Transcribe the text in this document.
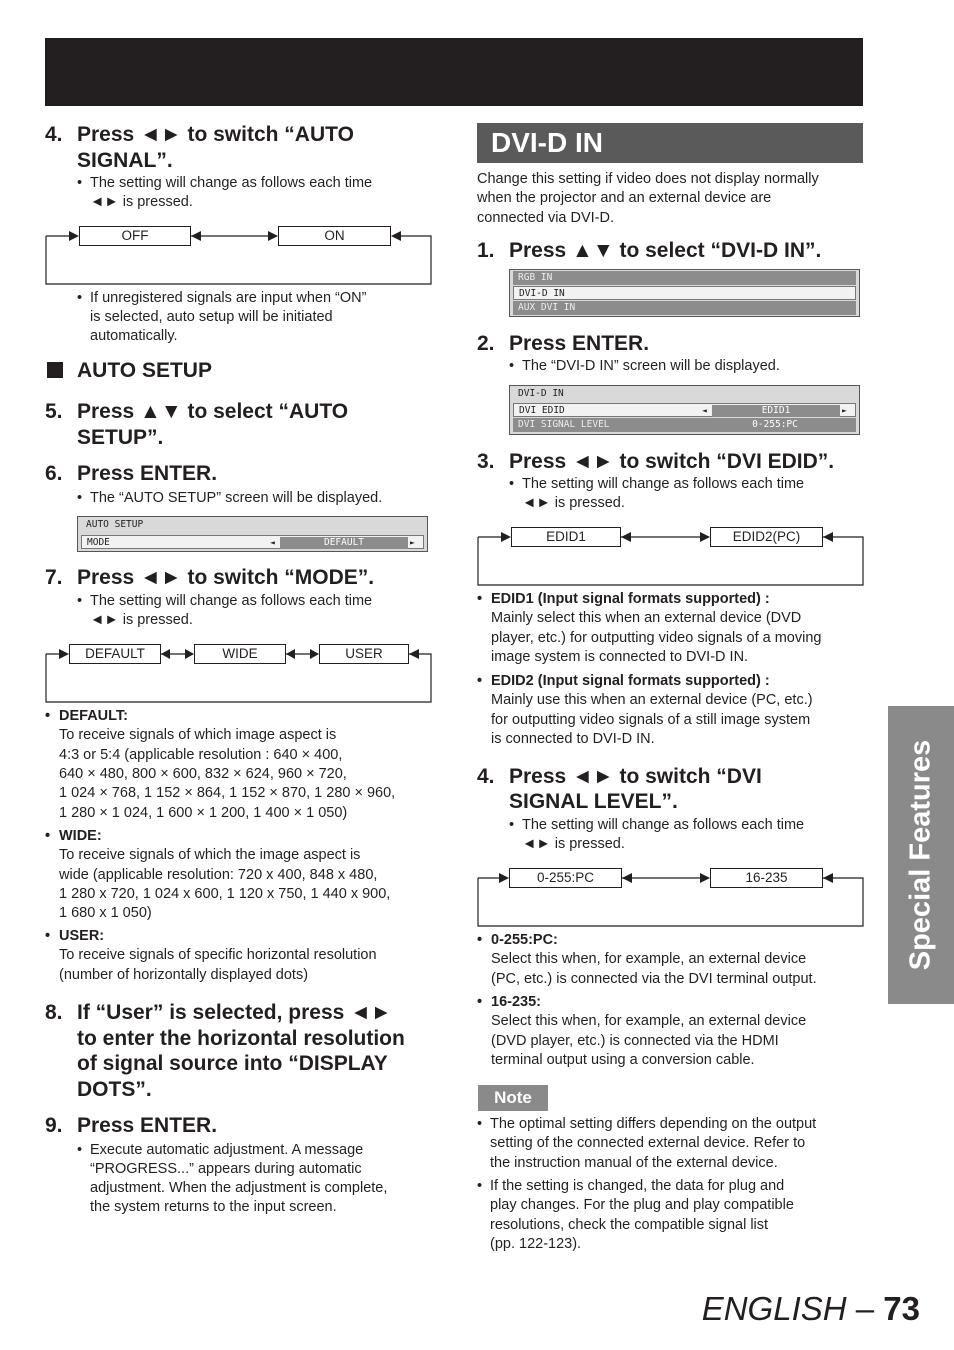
4. Press ◄► to switch “AUTO
SIGNAL”.
• The setting will change as follows each time
◄► is pressed.
OFF	ON
• If unregistered signals are input when “ON”
is selected, auto setup will be initiated
automatically.
AUTO SETUP
5. Press ▲▼ to select “AUTO
SETUP”.
6. Press ENTER.
• The “AUTO SETUP” screen will be displayed.
AUTO SETUP
MODE	◄	DEFAULT	►
7. Press ◄► to switch “MODE”.
• The setting will change as follows each time
◄► is pressed.
DEFAULT	WIDE	USER
• DEFAULT:
To receive signals of which image aspect is
4:3 or 5:4 (applicable resolution : 640 × 400,
640 × 480, 800 × 600, 832 × 624, 960 × 720,
1 024 × 768, 1 152 × 864, 1 152 × 870, 1 280 × 960,
1 280 × 1 024, 1 600 × 1 200, 1 400 × 1 050)
• WIDE:
To receive signals of which the image aspect is
wide (applicable resolution: 720 x 400, 848 x 480,
1 280 x 720, 1 024 x 600, 1 120 x 750, 1 440 x 900,
1 680 x 1 050)
• USER:
To receive signals of specific horizontal resolution
(number of horizontally displayed dots)
8. If “User” is selected, press ◄►
to enter the horizontal resolution
of signal source into “DISPLAY
DOTS”.
9. Press ENTER.
• Execute automatic adjustment. A message
“PROGRESS...” appears during automatic
adjustment. When the adjustment is complete,
the system returns to the input screen.
DVI-D IN
Change this setting if video does not display normally
when the projector and an external device are
connected via DVI-D.
1. Press ▲▼ to select “DVI-D IN”.
RGB IN
DVI-D IN
AUX DVI IN
2. Press ENTER.
• The “DVI-D IN” screen will be displayed.
DVI-D IN
DVI EDID	◄	EDID1	►
DVI SIGNAL LEVEL	0-255:PC
3. Press ◄► to switch “DVI EDID”.
• The setting will change as follows each time
◄► is pressed.
EDID1	EDID2(PC)
• EDID1 (Input signal formats supported) :
Mainly select this when an external device (DVD
player, etc.) for outputting video signals of a moving
image system is connected to DVI-D IN.
• EDID2 (Input signal formats supported) :
Mainly use this when an external device (PC, etc.)
for outputting video signals of a still image system
is connected to DVI-D IN.
4. Press ◄► to switch “DVI
SIGNAL LEVEL”.
• The setting will change as follows each time
◄► is pressed.
0-255:PC	16-235
• 0-255:PC:
Select this when, for example, an external device
(PC, etc.) is connected via the DVI terminal output.
• 16-235:
Select this when, for example, an external device
(DVD player, etc.) is connected via the HDMI
terminal output using a conversion cable.
Note
• The optimal setting differs depending on the output
setting of the connected external device. Refer to
the instruction manual of the external device.
• If the setting is changed, the data for plug and
play changes. For the plug and play compatible
resolutions, check the compatible signal list
(pp. 122-123).
Special Features
ENGLISH – 73
